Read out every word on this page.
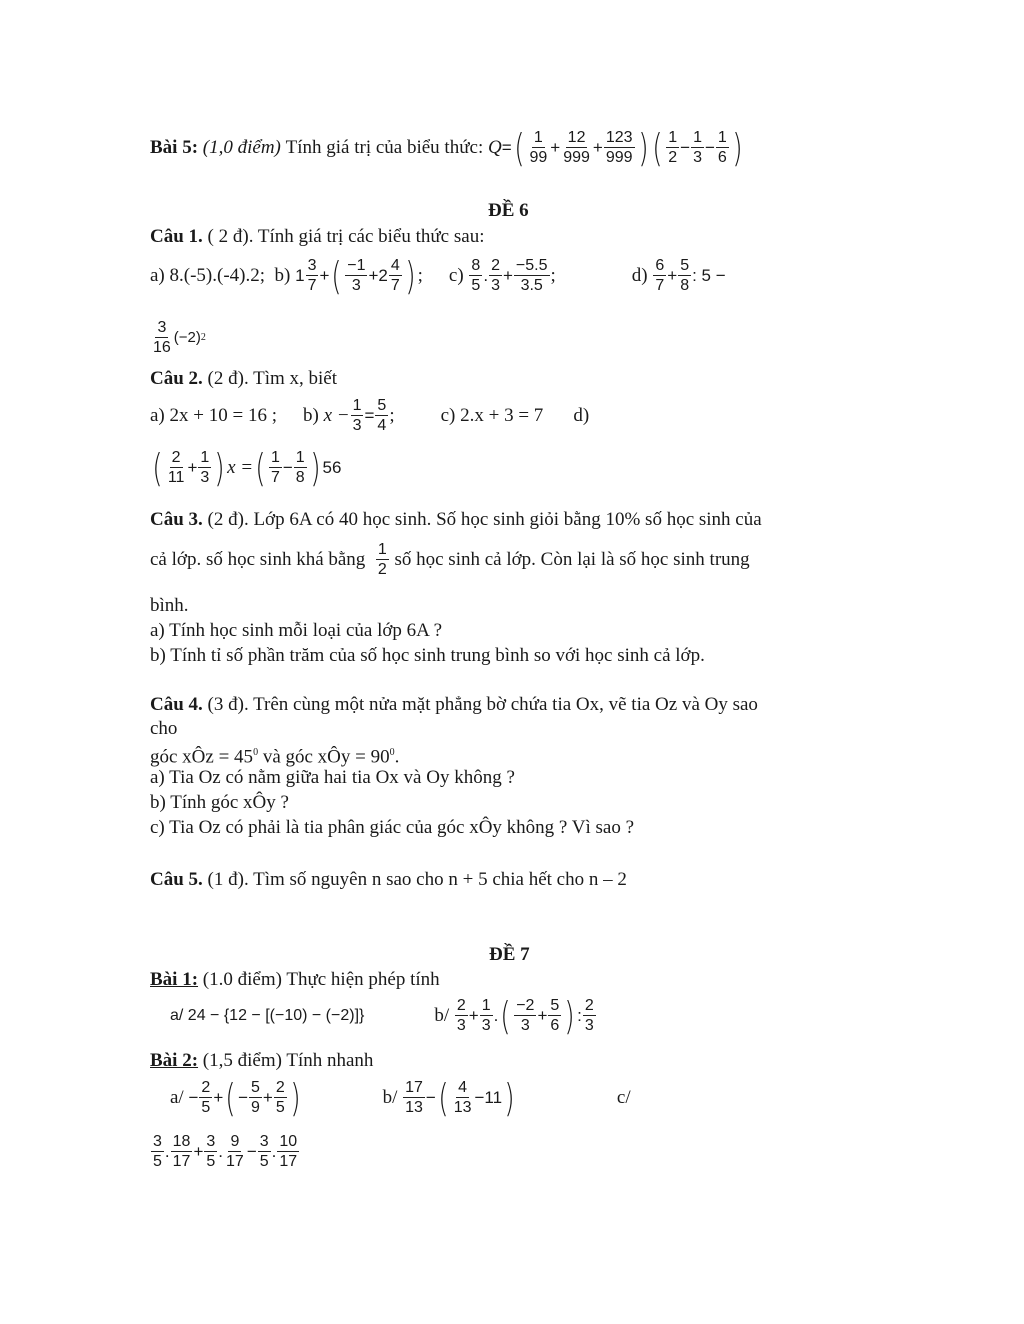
Bài 5:
(1,0 điểm)
Tính giá trị của biểu thức:
Q = ( $\frac{1}{99} + \frac{12}{999} + \frac{123}{999}$ ) ( $\frac{1}{2} - \frac{1}{3} - \frac{1}{6}$ )
ĐỀ 6
Câu 1. ( 2 đ). Tính giá trị các biểu thức sau:
a) 8.(-5).(-4).2;
b)
$1 \frac{3}{7}$ + ( $\frac{-1}{3} + 2 \frac{4}{7}$ ) ; c)
$\frac{8}{5}$ . $\frac{2}{3} + \frac{-5.5}{3.5}$ ;	d)
$\frac{6}{7} + \frac{5}{8}$ : 5 −
$\frac{3}{16} (-2)$ 2
Câu 2. (2 đ). Tìm x, biết
a) 2x + 10 = 16 ; b)
$x - \frac{1}{3} = \frac{5}{4}$ ; c) 2.x + 3 = 7 d)
( $\frac{2}{11} + \frac{1}{3}$ ) x = ( $\frac{1}{7} - \frac{1}{8}$ ) 56
Câu 3. (2 đ). Lớp 6A có 40 học sinh. Số học sinh giỏi bằng 10% số học sinh của
cả lớp. số học sinh khá bằng
$\frac{1}{2}$
số học sinh cả lớp. Còn lại là số học sinh trung
bình.
a) Tính học sinh mỗi loại của lớp 6A ?
b) Tính tỉ số phần trăm của số học sinh trung bình so với học sinh cả lớp.
Câu 4. (3 đ). Trên cùng một nửa mặt phẳng bờ chứa tia Ox, vẽ tia Oz và Oy sao
cho
góc xÔz = $45^0$ và góc xÔy = $90^0$.
a) Tia Oz có nằm giữa hai tia Ox và Oy không ?
b) Tính góc xÔy ?
c) Tia Oz có phải là tia phân giác của góc xÔy không ? Vì sao ?
Câu 5. (1 đ). Tìm số nguyên n sao cho n + 5 chia hết cho n – 2
ĐỀ 7
Bài 1: (1.0 điểm) Thực hiện phép tính
a/ 24 − {12 − [(−10) − (−2)]}	b/
$\frac{2}{3} + \frac{1}{3}$ . ( $\frac{-2}{3} + \frac{5}{6}$ ) : $\frac{2}{3}$
Bài 2: (1,5 điểm) Tính nhanh
a/
− $\frac{2}{5}$ + ( − $\frac{5}{9} + \frac{2}{5}$ )	b/
$\frac{17}{13}$ − ( $\frac{4}{13} -11$ )	c/
$\frac{3}{5}$ . $\frac{18}{17} + \frac{3}{5}$ . $\frac{9}{17} - \frac{3}{5}$ . $\frac{10}{17}$
